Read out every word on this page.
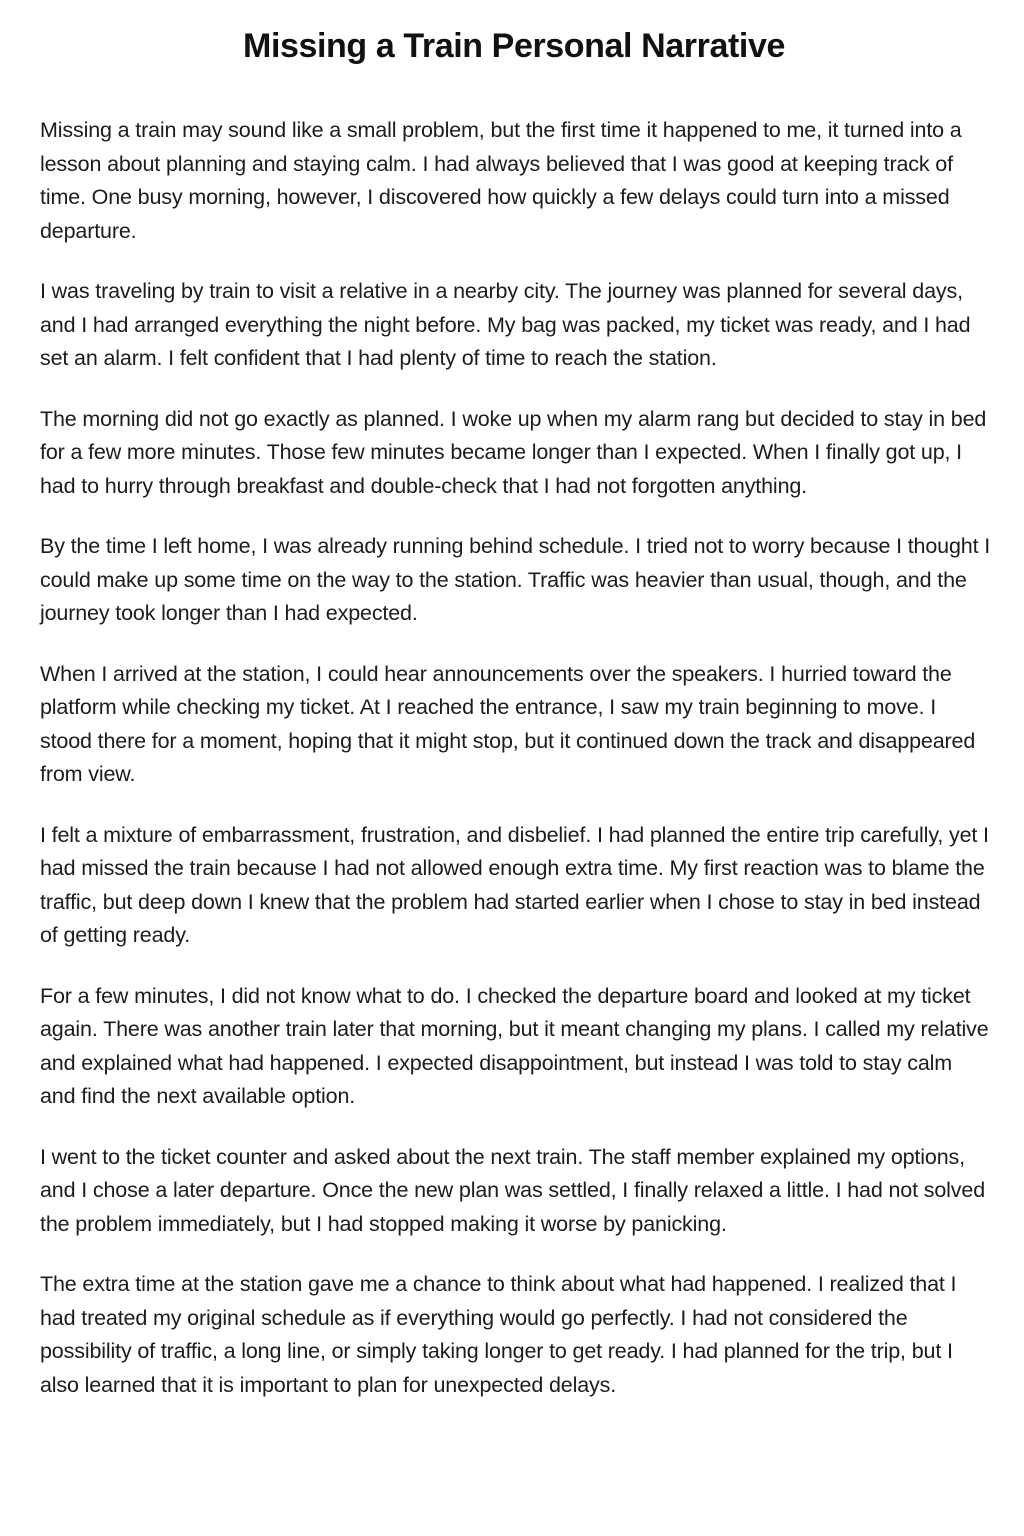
Missing a Train Personal Narrative

Missing a train may sound like a small problem, but the first time it happened to me, it turned into a lesson about planning and staying calm. I had always believed that I was good at keeping track of time. One busy morning, however, I discovered how quickly a few delays could turn into a missed departure.

I was traveling by train to visit a relative in a nearby city. The journey was planned for several days, and I had arranged everything the night before. My bag was packed, my ticket was ready, and I had set an alarm. I felt confident that I had plenty of time to reach the station.

The morning did not go exactly as planned. I woke up when my alarm rang but decided to stay in bed for a few more minutes. Those few minutes became longer than I expected. When I finally got up, I had to hurry through breakfast and double-check that I had not forgotten anything.

By the time I left home, I was already running behind schedule. I tried not to worry because I thought I could make up some time on the way to the station. Traffic was heavier than usual, though, and the journey took longer than I had expected.

When I arrived at the station, I could hear announcements over the speakers. I hurried toward the platform while checking my ticket. At I reached the entrance, I saw my train beginning to move. I stood there for a moment, hoping that it might stop, but it continued down the track and disappeared from view.

I felt a mixture of embarrassment, frustration, and disbelief. I had planned the entire trip carefully, yet I had missed the train because I had not allowed enough extra time. My first reaction was to blame the traffic, but deep down I knew that the problem had started earlier when I chose to stay in bed instead of getting ready.

For a few minutes, I did not know what to do. I checked the departure board and looked at my ticket again. There was another train later that morning, but it meant changing my plans. I called my relative and explained what had happened. I expected disappointment, but instead I was told to stay calm and find the next available option.

I went to the ticket counter and asked about the next train. The staff member explained my options, and I chose a later departure. Once the new plan was settled, I finally relaxed a little. I had not solved the problem immediately, but I had stopped making it worse by panicking.

The extra time at the station gave me a chance to think about what had happened. I realized that I had treated my original schedule as if everything would go perfectly. I had not considered the possibility of traffic, a long line, or simply taking longer to get ready. I had planned for the trip, but I also learned that it is important to plan for unexpected delays.
